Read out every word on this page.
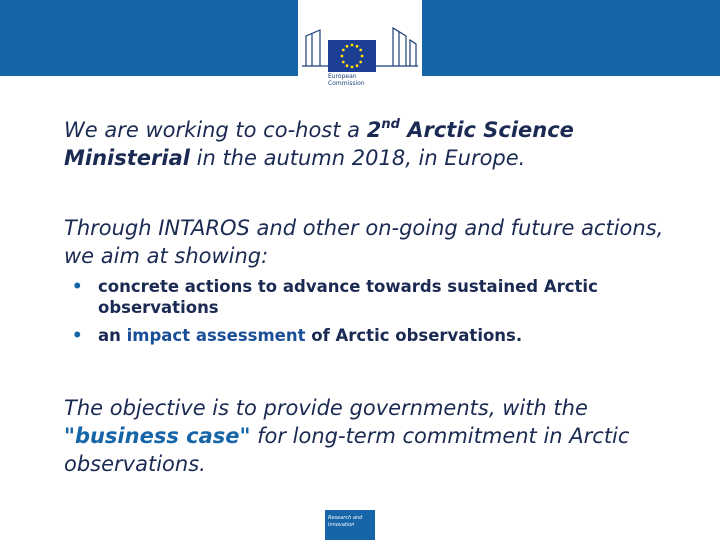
European
Commission
We are working to co-host a 2nd Arctic Science Ministerial in the autumn 2018, in Europe.
Through INTAROS and other on-going and future actions, we aim at showing:
• concrete actions to advance towards sustained Arctic observations
• an impact assessment of Arctic observations.
The objective is to provide governments, with the "business case" for long-term commitment in Arctic observations.
Research and
Innovation
